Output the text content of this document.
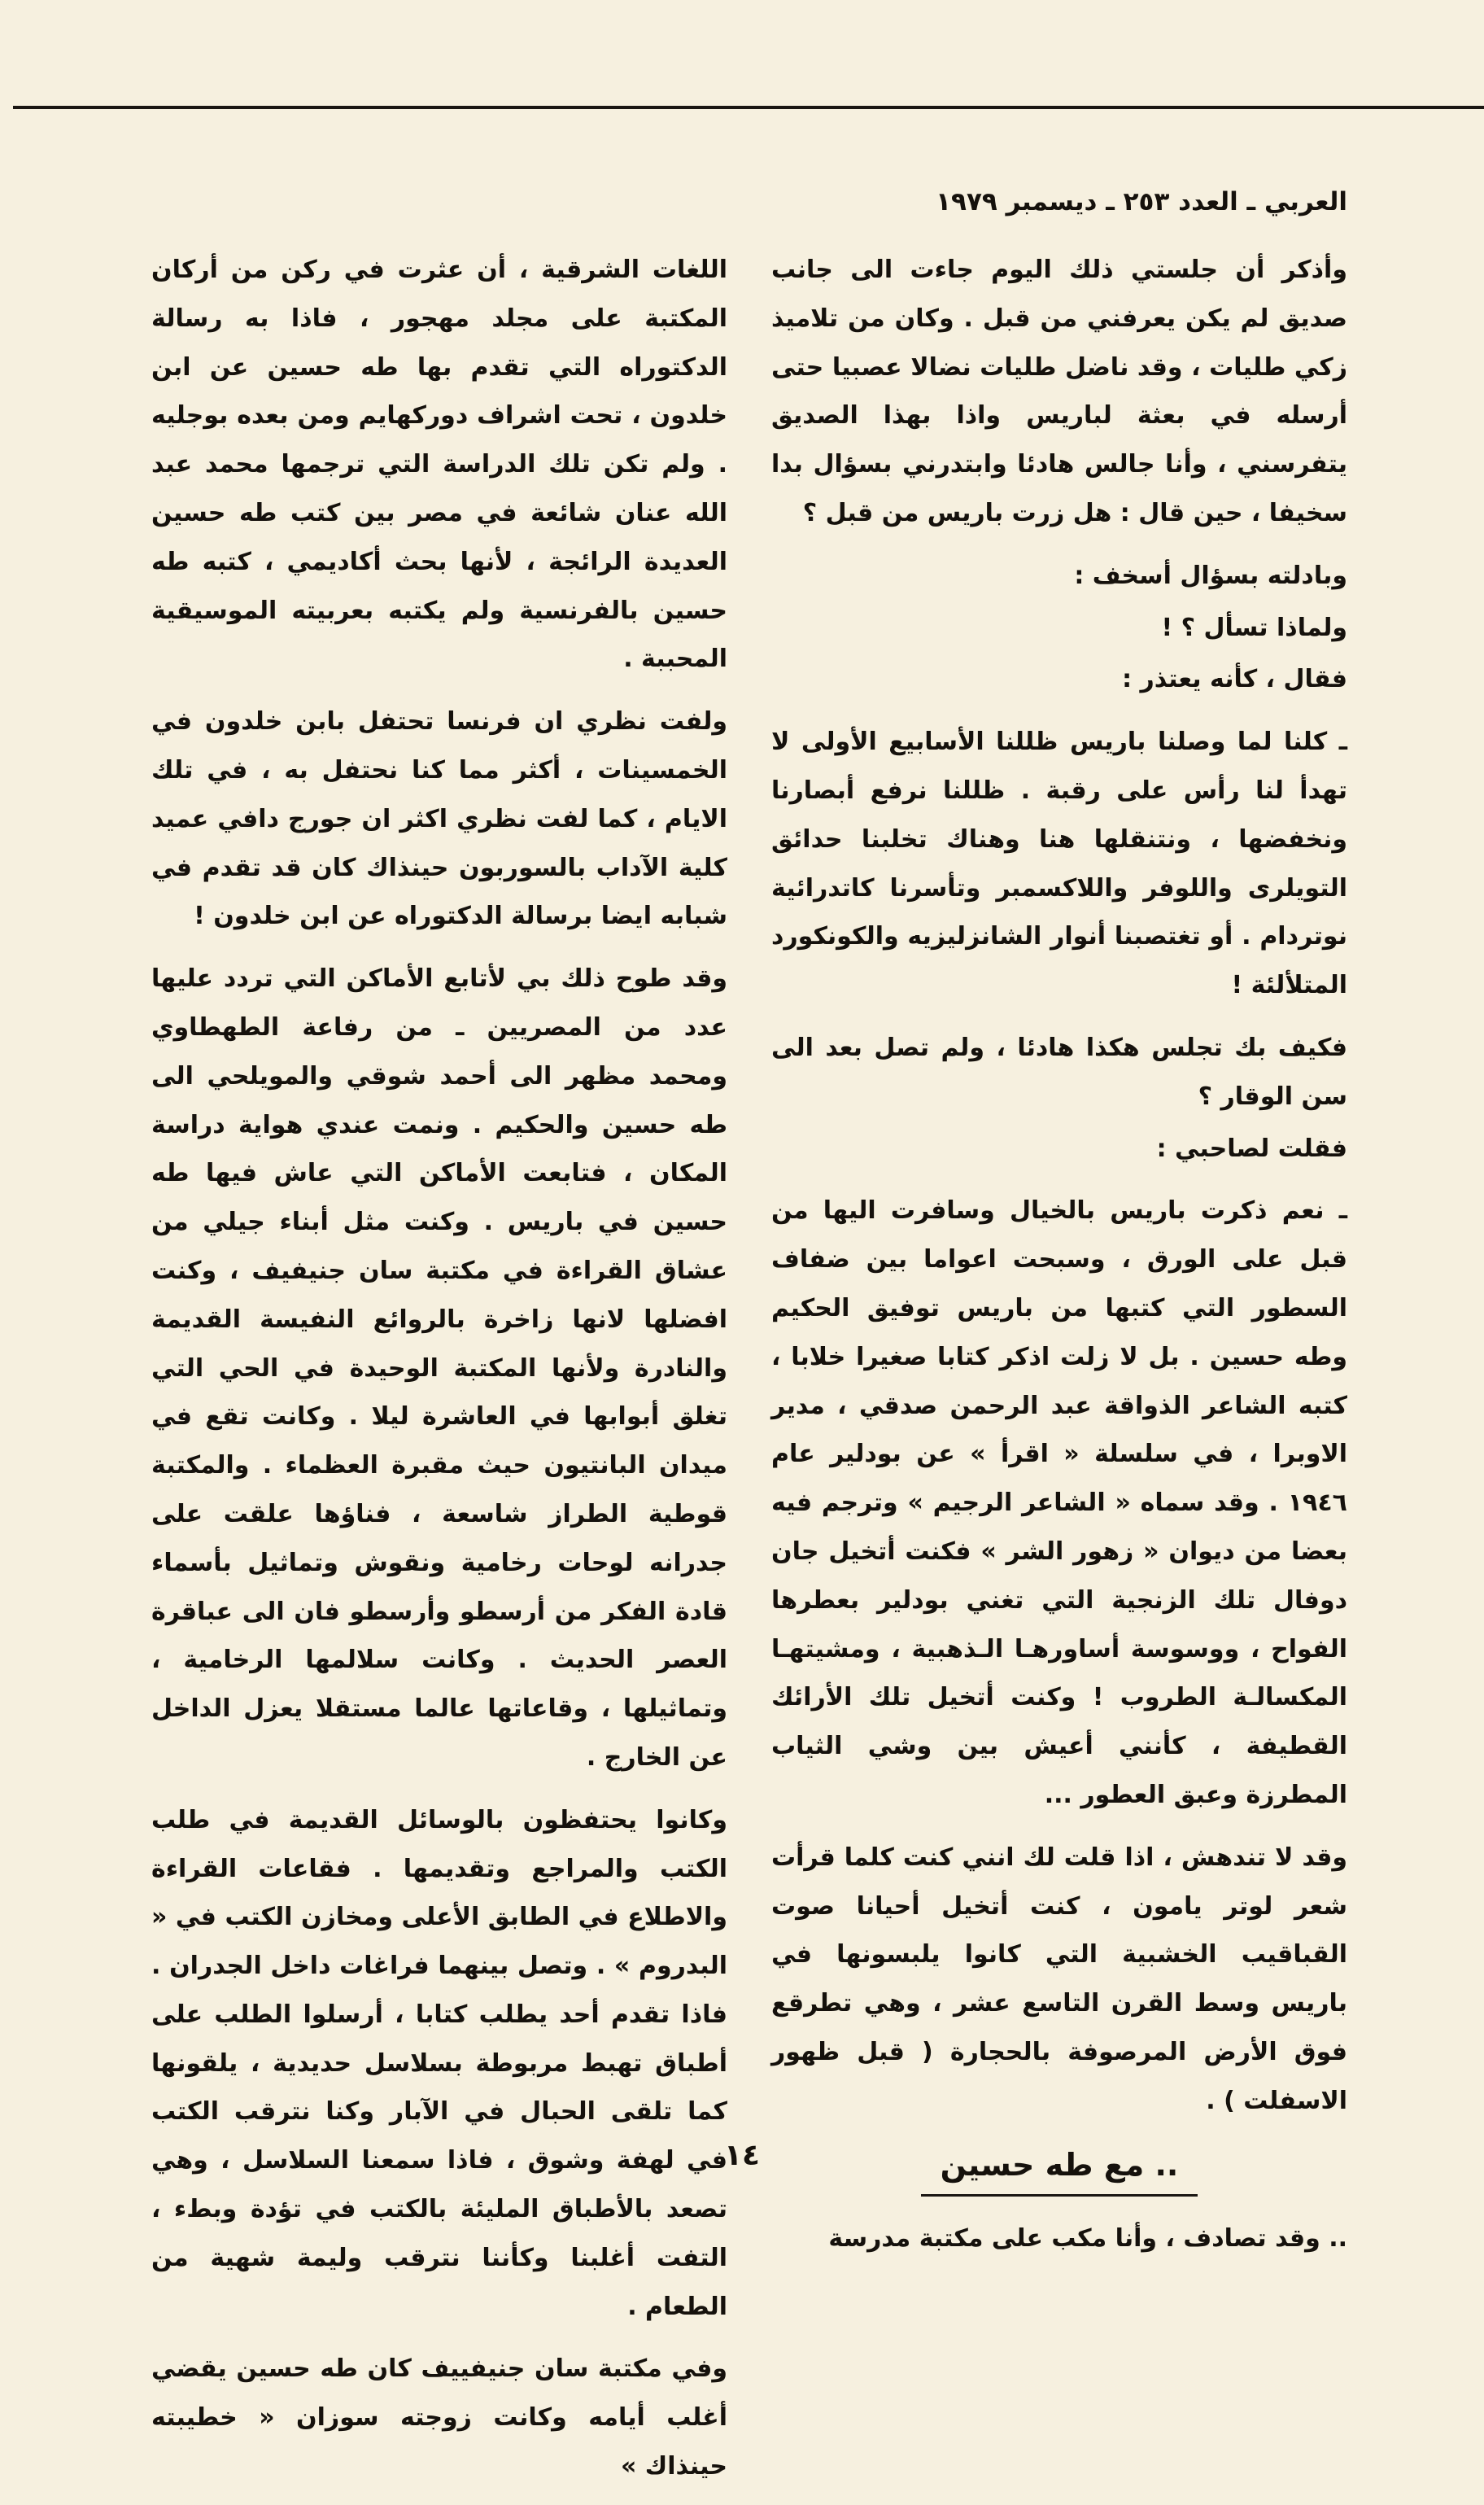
العربي ـ العدد ٢٥٣ ـ ديسمبر ١٩٧٩

وأذكر أن جلستي ذلك اليوم جاءت الى جانب صديق لم يكن يعرفني من قبل . وكان من تلاميذ زكي طليات ، وقد ناضل طليات نضالا عصبيا حتى أرسله في بعثة لباريس واذا بهذا الصديق يتفرسني ، وأنا جالس هادئا وابتدرني بسؤال بدا سخيفا ، حين قال : هل زرت باريس من قبل ؟

وبادلته بسؤال أسخف :

ولماذا تسأل ؟ !

فقال ، كأنه يعتذر :

ـ كلنا لما وصلنا باريس ظللنا الأسابيع الأولى لا تهدأ لنا رأس على رقبة . ظللنا نرفع أبصارنا ونخفضها ، ونتنقلها هنا وهناك تخلبنا حدائق التويلرى واللوفر واللاكسمبر وتأسرنا كاتدرائية نوتردام . أو تغتصبنا أنوار الشانزليزيه والكونكورد المتلألئة !

فكيف بك تجلس هكذا هادئا ، ولم تصل بعد الى سن الوقار ؟

فقلت لصاحبي :

ـ نعم ذكرت باريس بالخيال وسافرت اليها من قبل على الورق ، وسبحت اعواما بين ضفاف السطور التي كتبها من باريس توفيق الحكيم وطه حسين . بل لا زلت اذكر كتابا صغيرا خلابا ، كتبه الشاعر الذواقة عبد الرحمن صدقي ، مدير الاوبرا ، في سلسلة « اقرأ » عن بودلير عام ١٩٤٦ . وقد سماه « الشاعر الرجيم » وترجم فيه بعضا من ديوان « زهور الشر » فكنت أتخيل جان دوفال تلك الزنجية التي تغني بودلير بعطرها الفواح ، ووسوسة أساورهـا الـذهبية ، ومشيتهـا المكسالـة الطروب ! وكنت أتخيل تلك الأرائك القطيفة ، كأنني أعيش بين وشي الثياب المطرزة وعبق العطور ...

وقد لا تندهش ، اذا قلت لك انني كنت كلما قرأت شعر لوتر يامون ، كنت أتخيل أحيانا صوت القباقيب الخشبية التي كانوا يلبسونها في باريس وسط القرن التاسع عشر ، وهي تطرقع فوق الأرض المرصوفة بالحجارة ( قبل ظهور الاسفلت ) .

.. مع طه حسين

.. وقد تصادف ، وأنا مكب على مكتبة مدرسة

اللغات الشرقية ، أن عثرت في ركن من أركان المكتبة على مجلد مهجور ، فاذا به رسالة الدكتوراه التي تقدم بها طه حسين عن ابن خلدون ، تحت اشراف دوركهايم ومن بعده بوجليه . ولم تكن تلك الدراسة التي ترجمها محمد عبد الله عنان شائعة في مصر بين كتب طه حسين العديدة الرائجة ، لأنها بحث أكاديمي ، كتبه طه حسين بالفرنسية ولم يكتبه بعربيته الموسيقية المحببة .

ولفت نظري ان فرنسا تحتفل بابن خلدون في الخمسينات ، أكثر مما كنا نحتفل به ، في تلك الايام ، كما لفت نظري اكثر ان جورج دافي عميد كلية الآداب بالسوربون حينذاك كان قد تقدم في شبابه ايضا برسالة الدكتوراه عن ابن خلدون !

وقد طوح ذلك بي لأتابع الأماكن التي تردد عليها عدد من المصريين ـ من رفاعة الطهطاوي ومحمد مظهر الى أحمد شوقي والمويلحي الى طه حسين والحكيم . ونمت عندي هواية دراسة المكان ، فتابعت الأماكن التي عاش فيها طه حسين في باريس . وكنت مثل أبناء جيلي من عشاق القراءة في مكتبة سان جنيفيف ، وكنت افضلها لانها زاخرة بالروائع النفيسة القديمة والنادرة ولأنها المكتبة الوحيدة في الحي التي تغلق أبوابها في العاشرة ليلا . وكانت تقع في ميدان البانتيون حيث مقبرة العظماء . والمكتبة قوطية الطراز شاسعة ، فناؤها علقت على جدرانه لوحات رخامية ونقوش وتماثيل بأسماء قادة الفكر من أرسطو وأرسطو فان الى عباقرة العصر الحديث . وكانت سلالمها الرخامية ، وتماثيلها ، وقاعاتها عالما مستقلا يعزل الداخل عن الخارج .

وكانوا يحتفظون بالوسائل القديمة في طلب الكتب والمراجع وتقديمها . فقاعات القراءة والاطلاع في الطابق الأعلى ومخازن الكتب في « البدروم » . وتصل بينهما فراغات داخل الجدران . فاذا تقدم أحد يطلب كتابا ، أرسلوا الطلب على أطباق تهبط مربوطة بسلاسل حديدية ، يلقونها كما تلقى الحبال في الآبار وكنا نترقب الكتب في لهفة وشوق ، فاذا سمعنا السلاسل ، وهي تصعد بالأطباق المليئة بالكتب في تؤدة وبطء ، التفت أغلبنا وكأننا نترقب وليمة شهية من الطعام .

وفي مكتبة سان جنيفييف كان طه حسين يقضي أغلب أيامه وكانت زوجته سوزان « خطيبته حينذاك »

١٤
